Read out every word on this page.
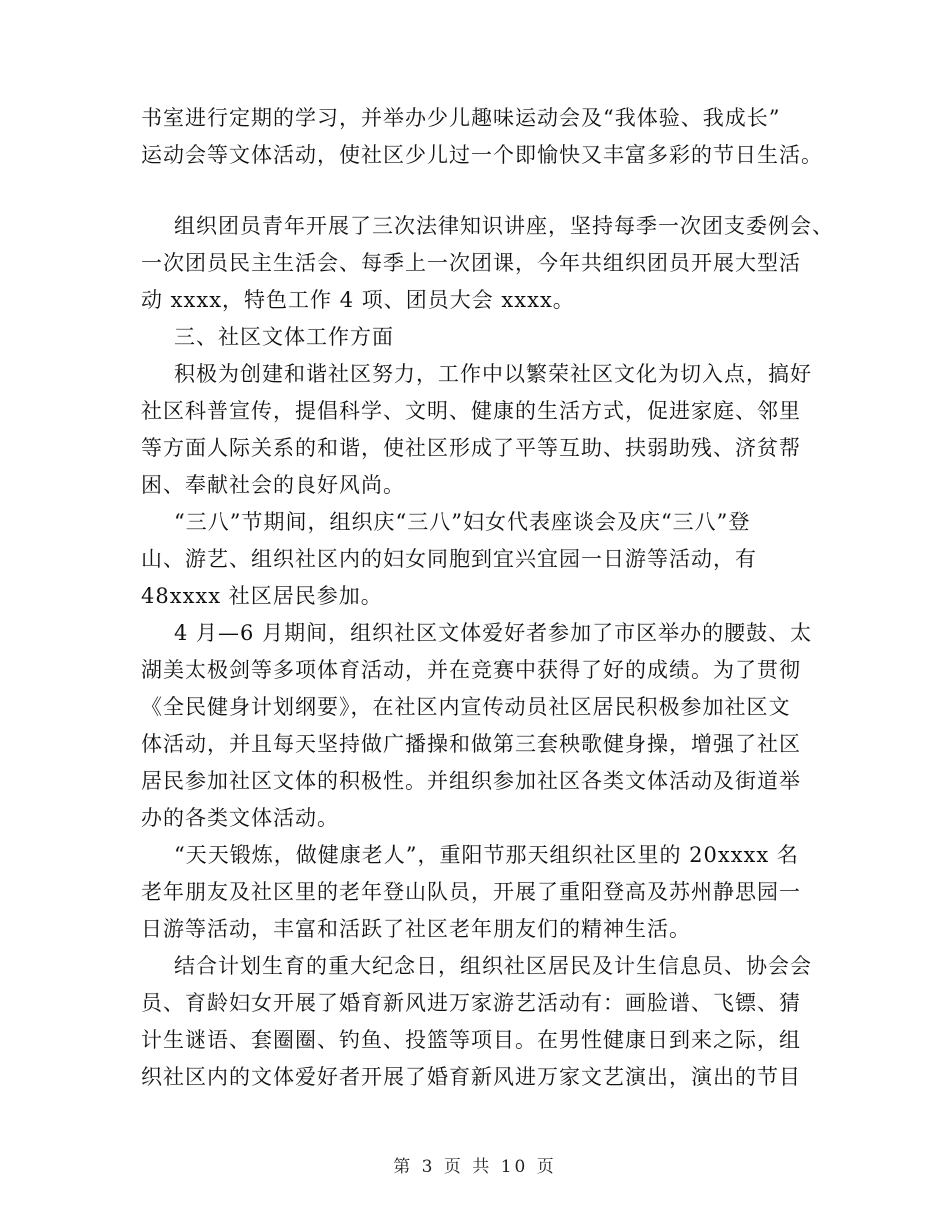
书室进行定期的学习，并举办少儿趣味运动会及“我体验、我成长”
运动会等文体活动，使社区少儿过一个即愉快又丰富多彩的节日生活。
组织团员青年开展了三次法律知识讲座，坚持每季一次团支委例会、
一次团员民主生活会、每季上一次团课，今年共组织团员开展大型活
动 xxxx，特色工作 4 项、团员大会 xxxx。
三、社区文体工作方面
积极为创建和谐社区努力，工作中以繁荣社区文化为切入点，搞好
社区科普宣传，提倡科学、文明、健康的生活方式，促进家庭、邻里
等方面人际关系的和谐，使社区形成了平等互助、扶弱助残、济贫帮
困、奉献社会的良好风尚。
“三八”节期间，组织庆“三八”妇女代表座谈会及庆“三八”登
山、游艺、组织社区内的妇女同胞到宜兴宜园一日游等活动，有
48xxxx 社区居民参加。
4 月—6 月期间，组织社区文体爱好者参加了市区举办的腰鼓、太
湖美太极剑等多项体育活动，并在竞赛中获得了好的成绩。为了贯彻
《全民健身计划纲要》，在社区内宣传动员社区居民积极参加社区文
体活动，并且每天坚持做广播操和做第三套秧歌健身操，增强了社区
居民参加社区文体的积极性。并组织参加社区各类文体活动及街道举
办的各类文体活动。
“天天锻炼，做健康老人”，重阳节那天组织社区里的 20xxxx 名
老年朋友及社区里的老年登山队员，开展了重阳登高及苏州静思园一
日游等活动，丰富和活跃了社区老年朋友们的精神生活。
结合计划生育的重大纪念日，组织社区居民及计生信息员、协会会
员、育龄妇女开展了婚育新风进万家游艺活动有：画脸谱、飞镖、猜
计生谜语、套圈圈、钓鱼、投篮等项目。在男性健康日到来之际，组
织社区内的文体爱好者开展了婚育新风进万家文艺演出，演出的节目
第 3 页 共 10 页
